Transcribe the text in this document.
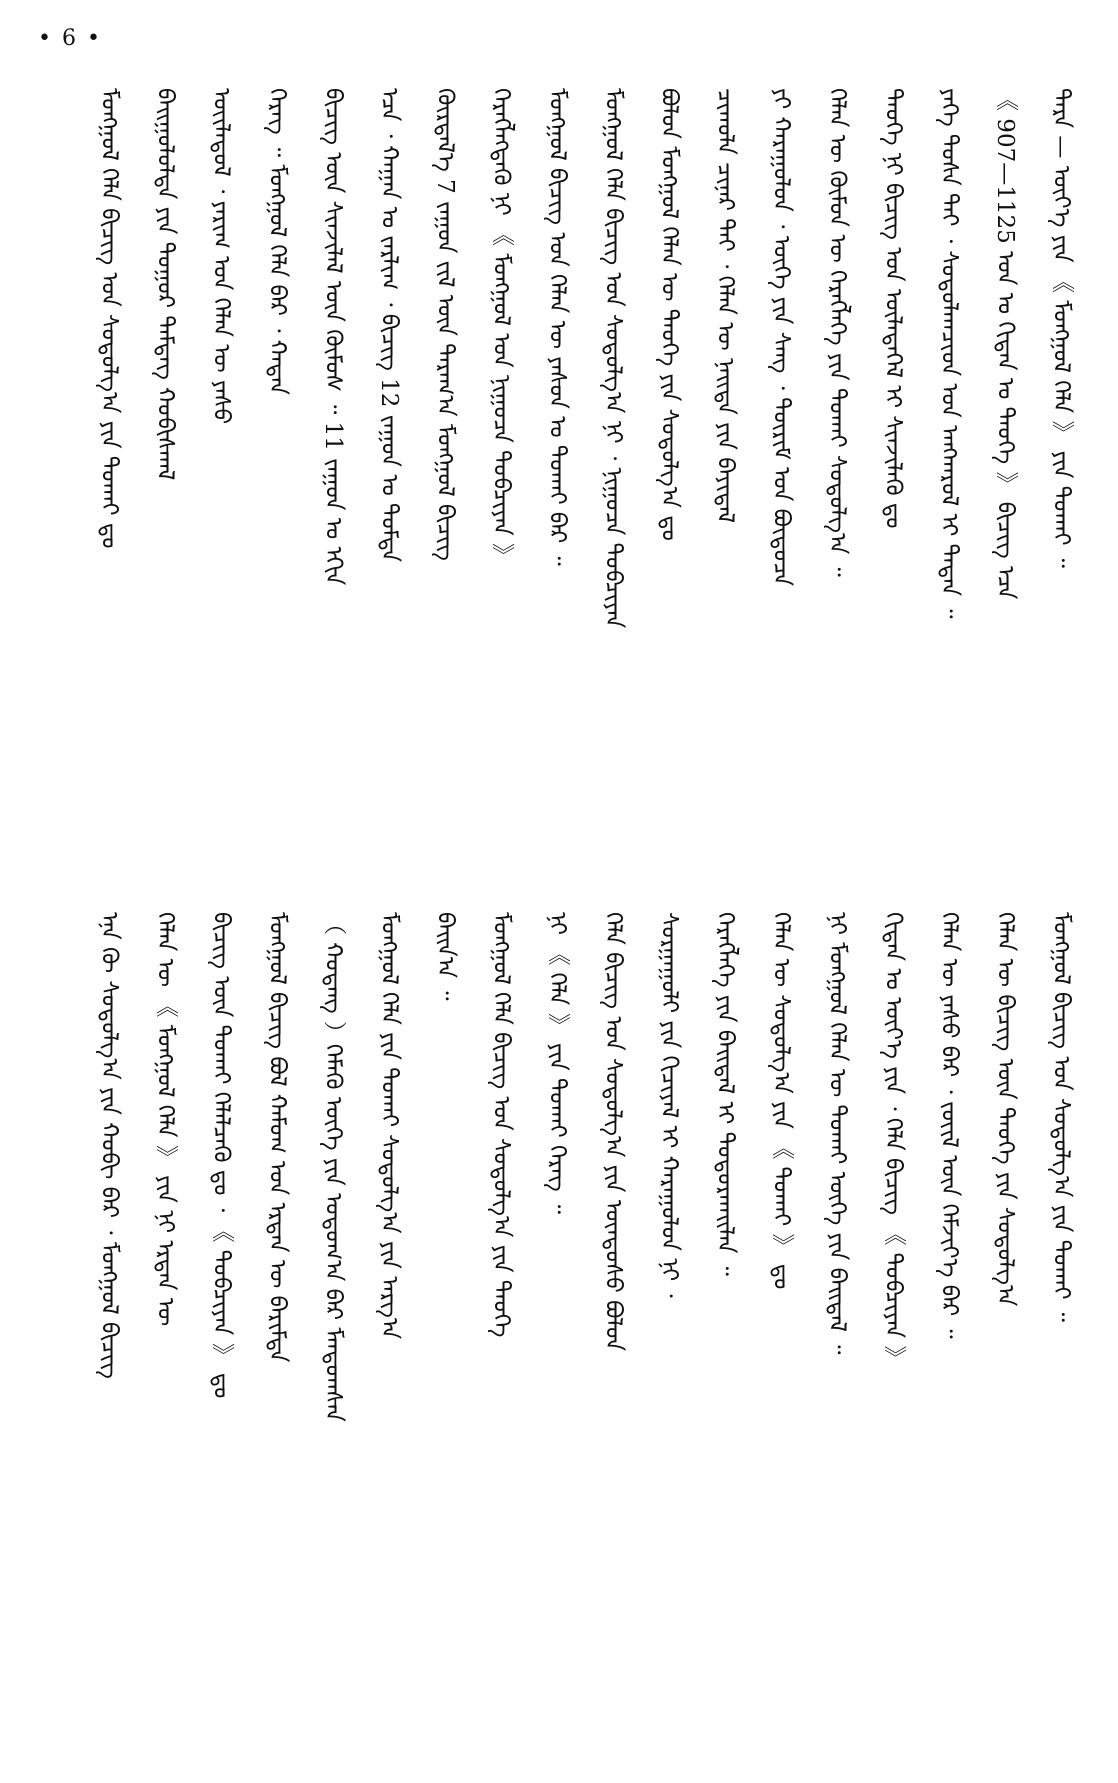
• 6 •
ᠮᠣᠩᠭᠣᠯ ᠬᠡᠯᠡ ᠪᠢᠴᠢᠭ ᠤᠨ ᠰᠤᠳᠤᠯᠭ᠎ᠠ ᠶᠢᠨ ᠲᠤᠬᠠᠢ ᠳᠤ ᠪᠠᠢᠭᠤᠯᠤᠯᠲᠠ ᠶᠢᠨ ᠳᠤᠭᠤᠷ ᠲᠡᠮᠳᠡᠭ ᠬᠤᠪᠢᠰᠬᠠᠯ ᠦᠢᠯᠡᠳᠦᠯ ᠂ ᠶᠠᠷᠢᠭ ᠤᠨ ᠬᠡᠯᠡᠨ ᠦ ᠶᠠᠰᠤ ᠬᠡᠷᠡᠭ ᠃ ᠮᠣᠩᠭᠣᠯ ᠬᠡᠯᠡ ᠪᠡᠷ ᠂ ᠬᠠᠲᠠᠨ ᠪᠢᠴᠢᠭ ᠦᠨ ᠰᠢᠨᠵᠢᠯᠡᠯ ᠦᠨ ᠬᠦᠮᠦᠰ ᠃ 11 ᠵᠠᠭᠤᠨ ᠤ ᠡᠬᠢᠨ ᠡᠴᠡ ᠂ ᠬᠠᠭᠠᠨ ᠤ ᠵᠠᠷᠯᠢᠭ ᠂ ᠪᠢᠴᠢᠭ 12 ᠵᠠᠭᠤᠨ ᠤ ᠳᠤᠮᠳᠠ ᠬᠦᠷᠲᠡᠯ᠎ᠡ 7 ᠵᠠᠭᠤᠨ ᠵᠢᠯ ᠦᠨ ᠳᠠᠷᠠᠭ᠎ᠠ ᠮᠣᠩᠭᠣᠯ ᠪᠢᠴᠢᠭ ᠬᠡᠷᠡᠭᠯᠡᠭᠳᠡᠬᠦ ᠨᠢ 《 ᠮᠣᠩᠭᠣᠯ ᠤᠨ ᠨᠢᠭᠤᠴᠠ ᠲᠣᠪᠴᠢᠶᠠᠨ 》 ᠮᠣᠩᠭᠣᠯ ᠪᠢᠴᠢᠭ ᠤᠨ ᠬᠡᠯᠡᠨ ᠦ ᠶᠠᠰᠤᠨ ᠤ ᠲᠤᠬᠠᠢ ᠪᠠᠷ ᠃ ᠮᠣᠩᠭᠣᠯ ᠬᠡᠯᠡ ᠪᠢᠴᠢᠭ ᠤᠨ ᠰᠤᠳᠤᠯᠭ᠎ᠠ ᠨᠢ ᠂ ᠨᠢᠭᠤᠴᠠ ᠲᠣᠪᠴᠢᠶᠠᠨ ᠪᠣᠯᠤᠨ ᠮᠣᠩᠭᠣᠯ ᠬᠡᠯᠡᠨ ᠦ ᠲᠡᠦᠬᠡ ᠶᠢᠨ ᠰᠤᠳᠤᠯᠭ᠎ᠠ ᠳᠤ ᠴᠢᠬᠤᠯᠠ ᠴᠢᠨᠠᠷ ᠲᠠᠢ ᠂ ᠬᠡᠯᠡᠨ ᠦ ᠨᠡᠢᠲᠡ ᠶᠢᠨ ᠪᠠᠶᠢᠳᠠᠯ ᠶᠢ ᠬᠠᠷᠠᠭᠤᠯᠤᠨ ᠂ ᠦᠭᠡ ᠶᠢᠨ ᠰᠠᠩ ᠂ ᠳᠦᠷᠢᠮ ᠤᠨ ᠪᠦᠲᠦᠴᠡ ᠬᠡᠯᠡᠨ ᠦ ᠬᠦᠮᠦᠨ ᠦ ᠬᠡᠷᠡᠭᠯᠡᠭᠡ ᠶᠢᠨ ᠲᠤᠬᠠᠢ ᠰᠤᠳᠤᠯᠭ᠎ᠠ ᠃ ᠲᠡᠦᠬᠡ ᠨᠢ ᠪᠢᠴᠢᠭ ᠤᠨ ᠦᠯᠡᠳᠡᠭᠡᠯ ᠢ ᠰᠢᠨᠵᠢᠯᠡᠬᠦ ᠳᠤ ᠶᠡᠬᠡ ᠲᠤᠰᠠ ᠲᠠᠢ ᠂ ᠰᠤᠳᠤᠯᠠᠭᠴᠢᠳ ᠤᠨ ᠠᠩᠬᠠᠷᠤᠯ ᠢ ᠲᠠᠲᠠᠨ ᠃ 《 907—1125 ᠣᠨ ᠤ ᠬᠢᠳᠠᠨ ᠤ ᠲᠡᠦᠬᠡ 》 ᠪᠢᠴᠢᠭ ᠡᠴᠡ ᠲᠡᠷᠡ — ᠦᠶ᠎ᠡ ᠶᠢᠨ 《 ᠮᠣᠩᠭᠣᠯ ᠬᠡᠯᠡ 》 ᠶᠢᠨ ᠲᠤᠬᠠᠢ ᠃
ᠡᠨᠡ ᠬᠦ ᠰᠤᠳᠤᠯᠭ᠎ᠠ ᠶᠢᠨ ᠬᠤᠪᠢ ᠪᠡᠷ ᠂ ᠮᠣᠩᠭᠣᠯ ᠪᠢᠴᠢᠭ ᠬᠡᠯᠡᠨ ᠦ 《 ᠮᠣᠩᠭᠣᠯ ᠬᠡᠯᠡ 》 ᠶᠢᠨ ᠨᠢ ᠡᠷᠲᠡᠨ ᠦ ᠪᠢᠴᠢᠭ ᠦᠨ ᠲᠤᠬᠠᠢ ᠬᠡᠯᠡᠯᠴᠡᠬᠦ ᠳᠤ ᠂ 《 ᠲᠤᠪᠴᠢᠶᠠᠨ 》 ᠳᠤ ᠮᠣᠩᠭᠣᠯ ᠪᠢᠴᠢᠭ ᠪᠣᠯ ᠬᠠᠮᠤᠭ ᠤᠨ ᠡᠷᠲᠡᠨ ᠦ ᠪᠠᠷᠢᠮᠲᠠ （ ᠬᠣᠲᠠᠩ ）ᠬᠡᠮᠡᠬᠦ ᠦᠭᠡ ᠶᠢᠨ ᠤᠲᠤᠭ᠎ᠠ ᠪᠠᠷ ᠮᠠᠨᠳᠤᠭᠰᠠᠨ ᠮᠣᠩᠭᠣᠯ ᠬᠡᠯᠡ ᠶᠢᠨ ᠲᠤᠬᠠᠢ ᠰᠤᠳᠤᠯᠭ᠎ᠠ ᠶᠢᠨ ᠠᠷᠭ᠎ᠠ ᠪᠠᠢᠨ᠎ᠠ ᠃ ᠮᠣᠩᠭᠣᠯ ᠬᠡᠯᠡ ᠪᠢᠴᠢᠭ ᠤᠨ ᠰᠤᠳᠤᠯᠭ᠎ᠠ ᠶᠢᠨ ᠲᠡᠦᠬᠡ ᠨᠢ 《 ᠬᠡᠯᠡ 》 ᠶᠢᠨ ᠲᠤᠬᠠᠢ ᠬᠡᠷᠡᠭ ᠃ ᠬᠡᠯᠡ ᠪᠢᠴᠢᠭ ᠤᠨ ᠰᠤᠳᠤᠯᠭ᠎ᠠ ᠶᠢᠨ ᠦᠨᠳᠦᠰᠦ ᠪᠣᠯᠤᠨ ᠰᠤᠷᠭᠠᠭᠤᠯᠢ ᠶᠢᠨ ᠬᠢᠴᠢᠶᠡᠯ ᠢ ᠬᠠᠷᠠᠭᠤᠯᠤᠨ ᠨᠢ ᠂ ᠬᠡᠷᠡᠭᠯᠡᠭᠡ ᠶᠢᠨ ᠪᠠᠢᠳᠠᠯ ᠢ ᠲᠣᠳᠤᠷᠬᠠᠢᠯᠠᠨ ᠃ ᠬᠡᠯᠡᠨ ᠦ ᠰᠤᠳᠤᠯᠭ᠎ᠠ ᠶᠢᠨ 《 ᠲᠤᠬᠠᠢ 》 ᠳᠤ ᠨᠢ ᠮᠣᠩᠭᠣᠯ ᠬᠡᠯᠡᠨ ᠦ ᠲᠤᠬᠠᠢ ᠦᠭᠡ ᠶᠢᠨ ᠪᠠᠢᠳᠠᠯ ᠃ ᠬᠢᠳᠠᠨ ᠤ ᠦᠶ᠎ᠡ ᠶᠢᠨ ᠂ ᠬᠡᠯᠡ ᠪᠢᠴᠢᠭ 《 ᠲᠤᠪᠴᠢᠶᠠᠨ 》 ᠬᠡᠯᠡᠨ ᠦ ᠶᠠᠰᠤ ᠪᠠᠷ ᠂ ᠵᠦᠢᠯ ᠦᠨ ᠬᠡᠮᠵᠢᠶ᠎ᠡ ᠪᠠᠷ ᠃ ᠬᠡᠯᠡᠨ ᠦ ᠪᠢᠴᠢᠭ ᠦᠨ ᠲᠡᠦᠬᠡ ᠶᠢᠨ ᠰᠤᠳᠤᠯᠭ᠎ᠠ ᠮᠣᠩᠭᠣᠯ ᠪᠢᠴᠢᠭ ᠤᠨ ᠰᠤᠳᠤᠯᠭ᠎ᠠ ᠶᠢᠨ ᠲᠤᠬᠠᠢ ᠃
